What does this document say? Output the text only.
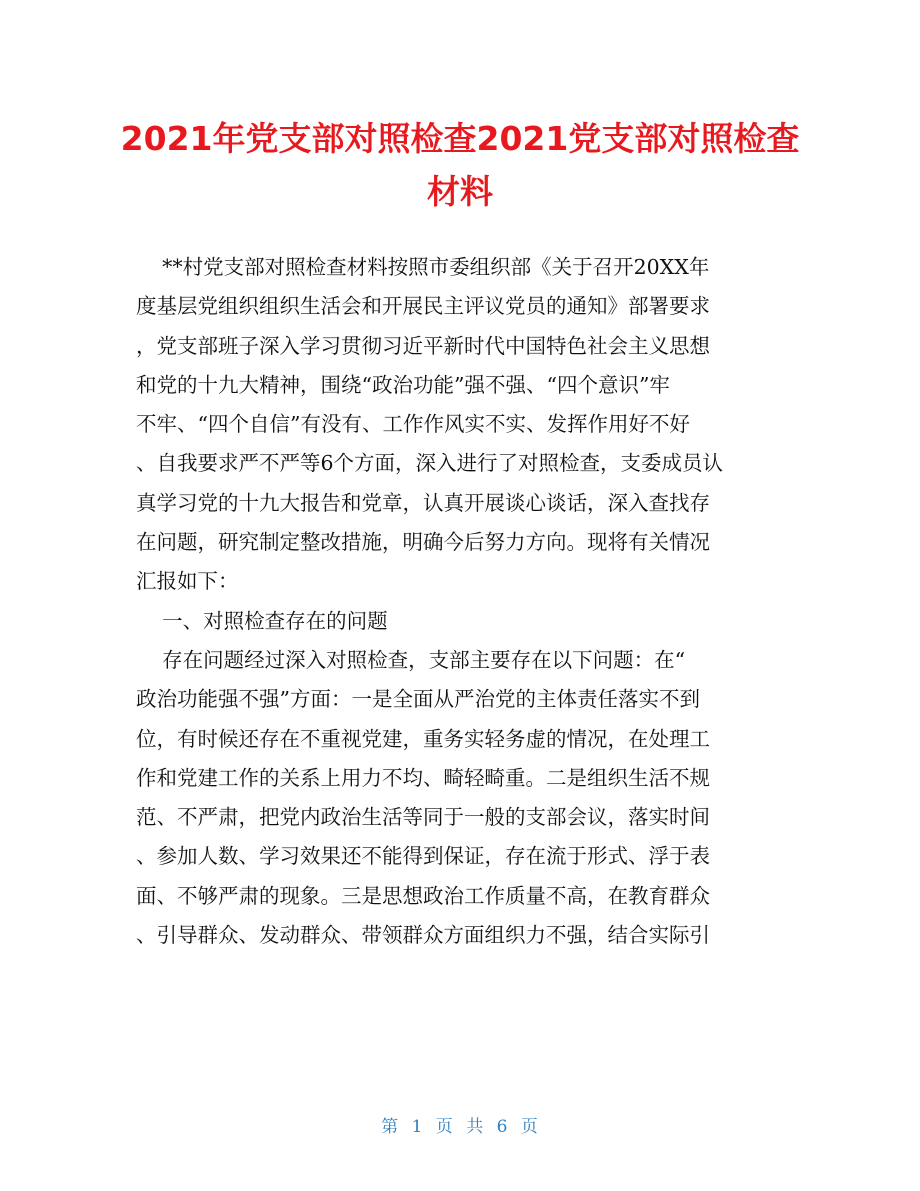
2021年党支部对照检查2021党支部对照检查
材料
**村党支部对照检查材料按照市委组织部《关于召开20XX年
度基层党组织组织生活会和开展民主评议党员的通知》部署要求
，党支部班子深入学习贯彻习近平新时代中国特色社会主义思想
和党的十九大精神，围绕“政治功能”强不强、“四个意识”牢
不牢、“四个自信”有没有、工作作风实不实、发挥作用好不好
、自我要求严不严等6个方面，深入进行了对照检查，支委成员认
真学习党的十九大报告和党章，认真开展谈心谈话，深入查找存
在问题，研究制定整改措施，明确今后努力方向。现将有关情况
汇报如下：
一、对照检查存在的问题
存在问题经过深入对照检查，支部主要存在以下问题：在“
政治功能强不强”方面：一是全面从严治党的主体责任落实不到
位，有时候还存在不重视党建，重务实轻务虚的情况，在处理工
作和党建工作的关系上用力不均、畸轻畸重。二是组织生活不规
范、不严肃，把党内政治生活等同于一般的支部会议，落实时间
、参加人数、学习效果还不能得到保证，存在流于形式、浮于表
面、不够严肃的现象。三是思想政治工作质量不高，在教育群众
、引导群众、发动群众、带领群众方面组织力不强，结合实际引
第 1 页 共 6 页
